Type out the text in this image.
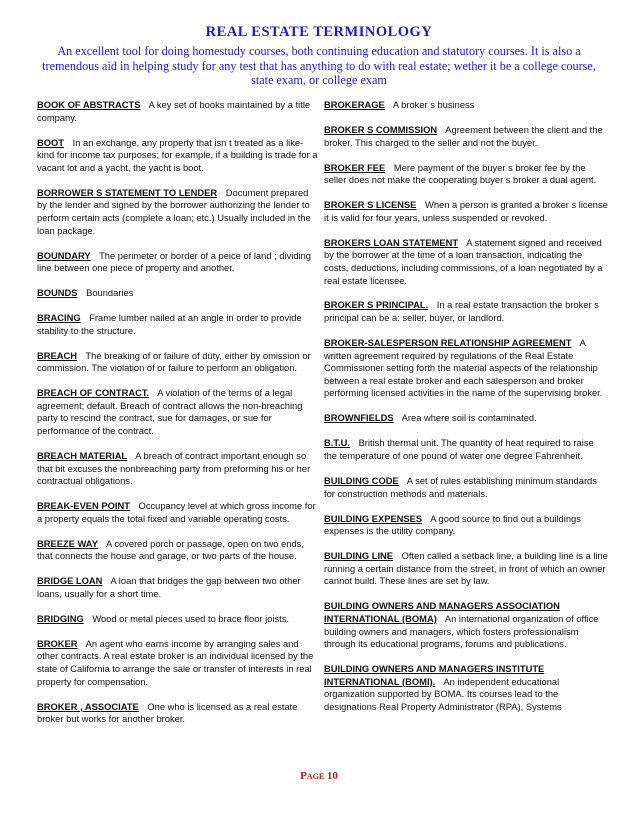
REAL ESTATE TERMINOLOGY
An excellent tool for doing homestudy courses, both continuing education and statutory courses. It is also a tremendous aid in helping study for any test that has anything to do with real estate; wether it be a college course, state exam, or college exam

BOOK OF ABSTRACTS A key set of books maintained by a title company.

BOOT In an exchange, any property that isn t treated as a like-kind for income tax purposes; for example, if a building is trade for a vacant lot and a yacht, the yacht is boot.

BORROWER S STATEMENT TO LENDER Document prepared by the lender and signed by the borrower authorizing the lender to perform certain acts (complete a loan; etc.) Usually included in the loan package.

BOUNDARY The perimeter or border of a peice of land ; dividing line between one piece of property and another.

BOUNDS Boundaries

BRACING Frame lumber nailed at an angle in order to provide stability to the structure.

BREACH The breaking of or failure of duty, either by omission or commission. The violation of or failure to perform an obligation.

BREACH OF CONTRACT. A violation of the terms of a legal agreement; default. Breach of contract allows the non-breaching party to rescind the contract, sue for damages, or sue for performance of the contract.

BREACH MATERIAL A breach of contract important enough so that bit excuses the nonbreaching party from preforming his or her contractual obligations.

BREAK-EVEN POINT Occupancy level at which gross income for a property equals the total fixed and variable operating costs.

BREEZE WAY A covered porch or passage, open on two ends, that connects the house and garage, or two parts of the house.

BRIDGE LOAN A loan that bridges the gap between two other loans, usually for a short time.

BRIDGING Wood or metal pieces used to brace floor joists.

BROKER An agent who earns income by arranging sales and other contracts. A real estate broker is an individual licensed by the state of California to arrange the sale or transfer of interests in real property for compensation.

BROKER , ASSOCIATE One who is licensed as a real estate broker but works for another broker.

BROKERAGE A broker s business

BROKER S COMMISSION Agreement between the client and the broker. This charged to the seller and not the buyer.

BROKER FEE Mere payment of the buyer s broker fee by the seller does not make the cooperating buyer s broker a dual agent.

BROKER S LICENSE When a person is granted a broker s license it is valid for four years, unless suspended or revoked.

BROKERS LOAN STATEMENT A statement signed and received by the borrower at the time of a loan transaction, indicating the costs, deductions, including commissions, of a loan negotiated by a real estate licensee.

BROKER S PRINCIPAL. In a real estate transaction the broker s principal can be a: seller, buyer, or landlord.

BROKER-SALESPERSON RELATIONSHIP AGREEMENT A written agreement required by regulations of the Real Estate Commissioner setting forth the material aspects of the relationship between a real estate broker and each salesperson and broker performing licensed activities in the name of the supervising broker.

BROWNFIELDS Area where soil is contaminated.

B.T.U. British thermal unit. The quantity of heat required to raise the temperature of one pound of water one degree Fahrenheit.

BUILDING CODE A set of rules establishing minimum standards for construction methods and materials.

BUILDING EXPENSES A good source to find out a buildings expenses is the utility company.

BUILDING LINE Often called a setback line, a building line is a line running a certain distance from the street, in front of which an owner cannot build. These lines are set by law.

BUILDING OWNERS AND MANAGERS ASSOCIATION INTERNATIONAL (BOMA) An international organization of office building owners and managers, which fosters professionalism through its educational programs, forums and publications.

BUILDING OWNERS AND MANAGERS INSTITUTE INTERNATIONAL (BOMI). An independent educational organization supported by BOMA. Its courses lead to the designations Real Property Administrator (RPA), Systems

Page 10
